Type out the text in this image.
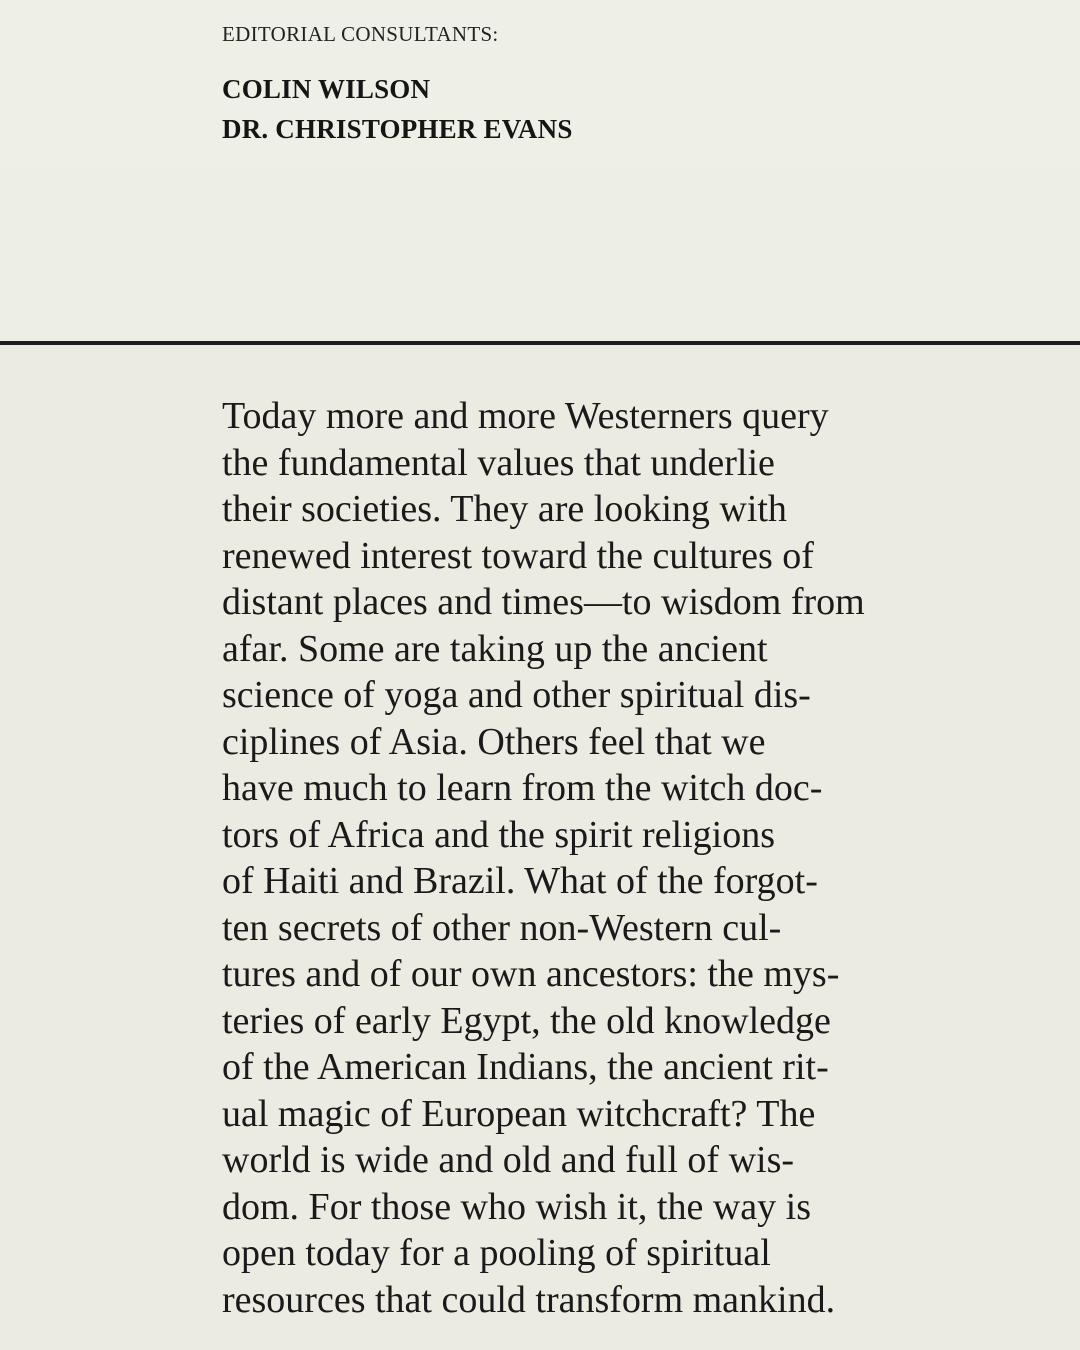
EDITORIAL CONSULTANTS:
COLIN WILSON
DR. CHRISTOPHER EVANS
Today more and more Westerners query
the fundamental values that underlie
their societies. They are looking with
renewed interest toward the cultures of
distant places and times—to wisdom from
afar. Some are taking up the ancient
science of yoga and other spiritual dis-
ciplines of Asia. Others feel that we
have much to learn from the witch doc-
tors of Africa and the spirit religions
of Haiti and Brazil. What of the forgot-
ten secrets of other non-Western cul-
tures and of our own ancestors: the mys-
teries of early Egypt, the old knowledge
of the American Indians, the ancient rit-
ual magic of European witchcraft? The
world is wide and old and full of wis-
dom. For those who wish it, the way is
open today for a pooling of spiritual
resources that could transform mankind.
